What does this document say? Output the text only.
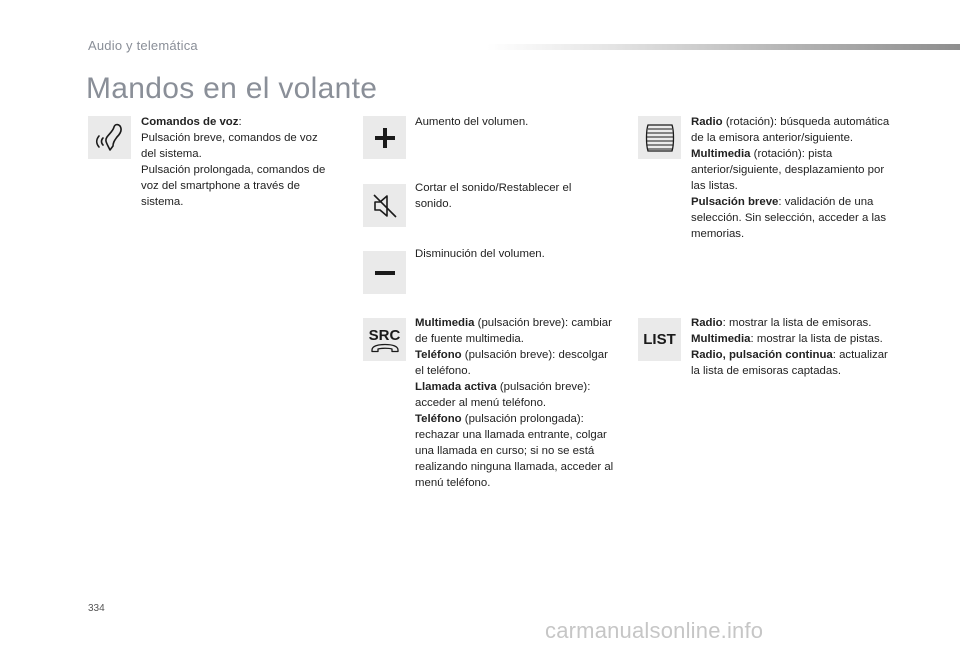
Audio y telemática
Mandos en el volante

Comandos de voz:

Pulsación breve, comandos de voz del sistema.

Pulsación prolongada, comandos de voz del smartphone a través de sistema.

Aumento del volumen.

Cortar el sonido/Restablecer el sonido.

Disminución del volumen.

SRC

Multimedia (pulsación breve): cambiar de fuente multimedia.

Teléfono (pulsación breve): descolgar el teléfono.

Llamada activa (pulsación breve): acceder al menú teléfono.

Teléfono (pulsación prolongada): rechazar una llamada entrante, colgar una llamada en curso; si no se está realizando ninguna llamada, acceder al menú teléfono.

Radio (rotación): búsqueda automática de la emisora anterior/siguiente.

Multimedia (rotación): pista anterior/siguiente, desplazamiento por las listas.

Pulsación breve: validación de una selección. Sin selección, acceder a las memorias.

LIST

Radio: mostrar la lista de emisoras.

Multimedia: mostrar la lista de pistas.

Radio, pulsación continua: actualizar la lista de emisoras captadas.

334
carmanualsonline.info
